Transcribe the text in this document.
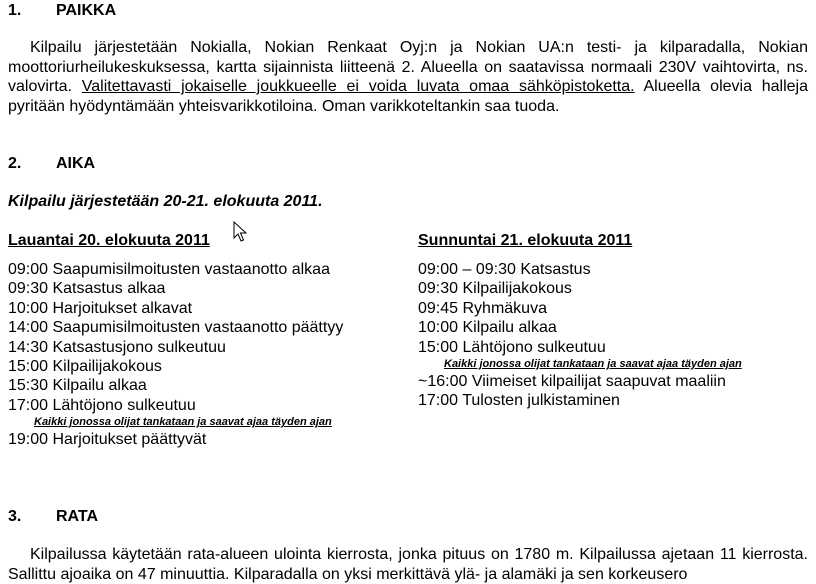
1. PAIKKA

Kilpailu järjestetään Nokialla, Nokian Renkaat Oyj:n ja Nokian UA:n testi- ja kilparadalla, Nokian moottoriurheilukeskuksessa, kartta sijainnista liitteenä 2. Alueella on saatavissa normaali 230V vaihtovirta, ns. valovirta. Valitettavasti jokaiselle joukkueelle ei voida luvata omaa sähköpistoketta. Alueella olevia halleja pyritään hyödyntämään yhteisvarikkotiloina. Oman varikkoteltankin saa tuoda.

2. AIKA
Kilpailu järjestetään 20-21. elokuuta 2011.
Lauantai 20. elokuuta 2011
09:00 Saapumisilmoitusten vastaanotto alkaa
09:30 Katsastus alkaa
10:00 Harjoitukset alkavat
14:00 Saapumisilmoitusten vastaanotto päättyy
14:30 Katsastusjono sulkeutuu
15:00 Kilpailijakokous
15:30 Kilpailu alkaa
17:00 Lähtöjono sulkeutuu
Kaikki jonossa olijat tankataan ja saavat ajaa täyden ajan
19:00 Harjoitukset päättyvät
Sunnuntai 21. elokuuta 2011
09:00 – 09:30 Katsastus
09:30 Kilpailijakokous
09:45 Ryhmäkuva
10:00 Kilpailu alkaa
15:00 Lähtöjono sulkeutuu
Kaikki jonossa olijat tankataan ja saavat ajaa täyden ajan
~16:00 Viimeiset kilpailijat saapuvat maaliin
17:00 Tulosten julkistaminen
3. RATA

Kilpailussa käytetään rata-alueen ulointa kierrosta, jonka pituus on 1780 m. Kilpailussa ajetaan 11 kierrosta. Sallittu ajoaika on 47 minuuttia. Kilparadalla on yksi merkittävä ylä- ja alamäki ja sen korkeusero
